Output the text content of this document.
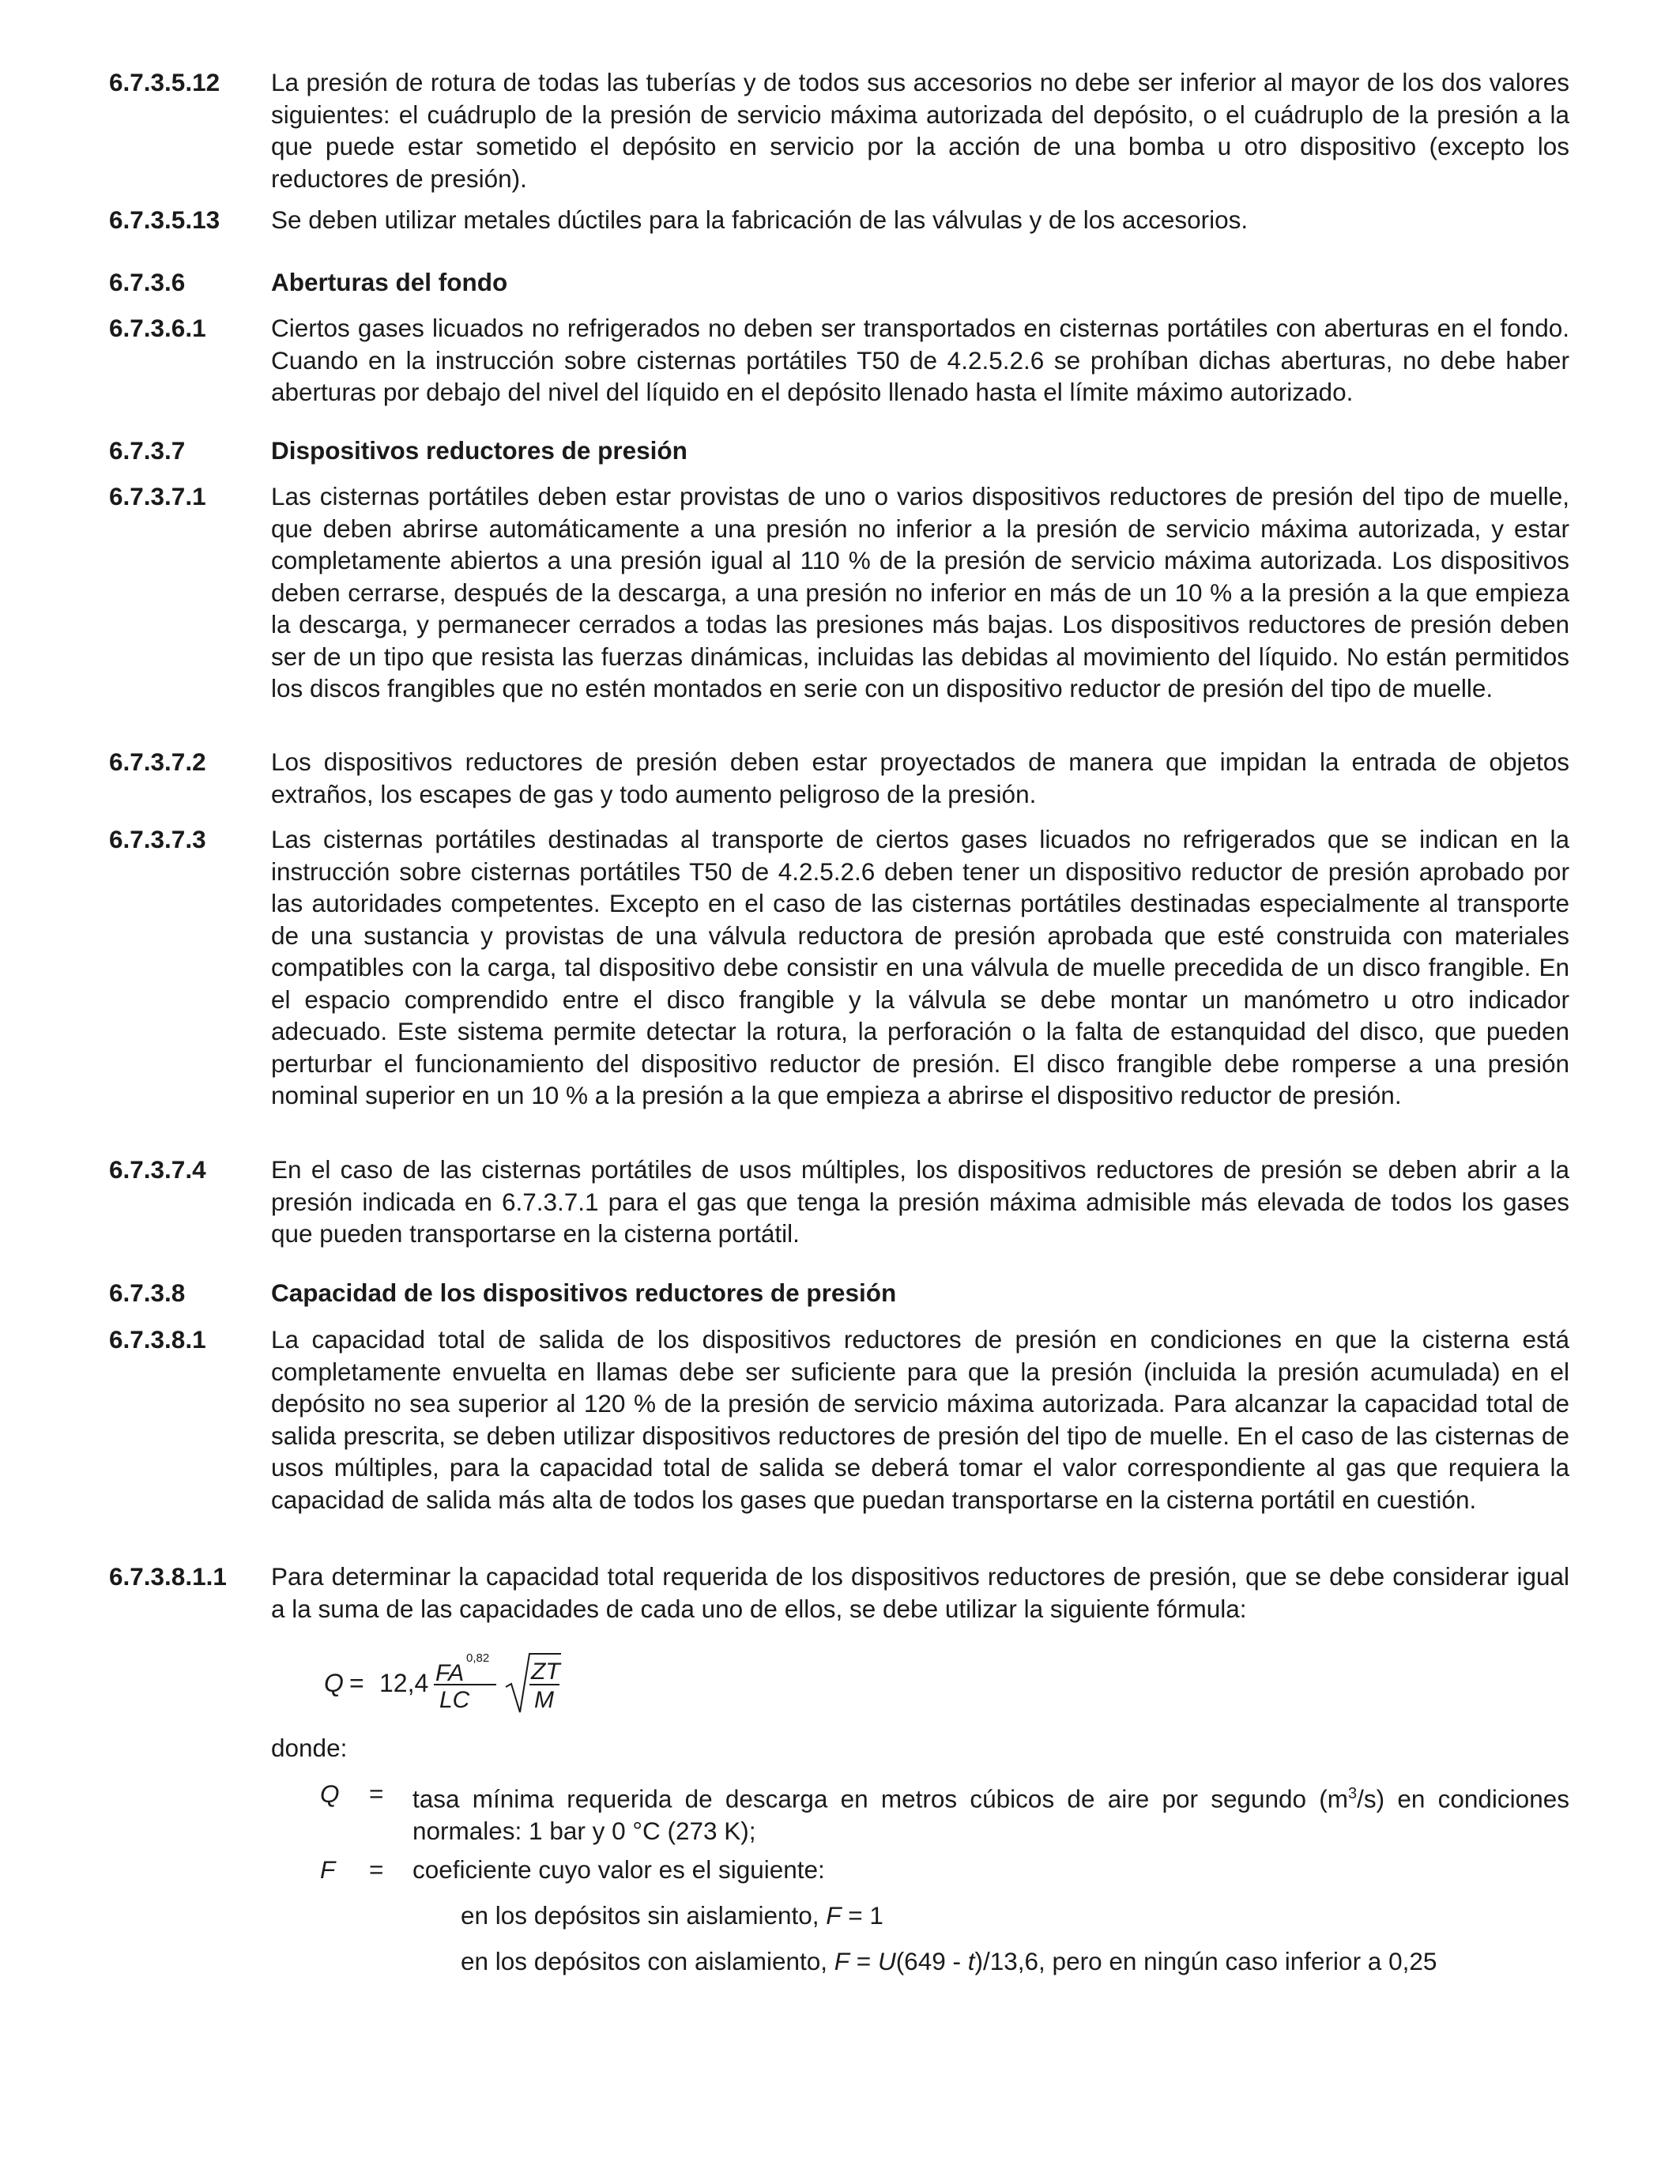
6.7.3.5.12	La presión de rotura de todas las tuberías y de todos sus accesorios no debe ser inferior al mayor de los dos valores siguientes: el cuádruplo de la presión de servicio máxima autorizada del depósito, o el cuádruplo de la presión a la que puede estar sometido el depósito en servicio por la acción de una bomba u otro dispositivo (excepto los reductores de presión).
6.7.3.5.13	Se deben utilizar metales dúctiles para la fabricación de las válvulas y de los accesorios.
6.7.3.6	Aberturas del fondo
6.7.3.6.1	Ciertos gases licuados no refrigerados no deben ser transportados en cisternas portátiles con aberturas en el fondo. Cuando en la instrucción sobre cisternas portátiles T50 de 4.2.5.2.6 se prohíban dichas aberturas, no debe haber aberturas por debajo del nivel del líquido en el depósito llenado hasta el límite máximo autorizado.
6.7.3.7	Dispositivos reductores de presión
6.7.3.7.1	Las cisternas portátiles deben estar provistas de uno o varios dispositivos reductores de presión del tipo de muelle, que deben abrirse automáticamente a una presión no inferior a la presión de servicio máxima autorizada, y estar completamente abiertos a una presión igual al 110 % de la presión de servicio máxima autorizada. Los dispositivos deben cerrarse, después de la descarga, a una presión no inferior en más de un 10 % a la presión a la que empieza la descarga, y permanecer cerrados a todas las presiones más bajas. Los dispositivos reductores de presión deben ser de un tipo que resista las fuerzas dinámicas, incluidas las debidas al movimiento del líquido. No están permitidos los discos frangibles que no estén montados en serie con un dispositivo reductor de presión del tipo de muelle.
6.7.3.7.2	Los dispositivos reductores de presión deben estar proyectados de manera que impidan la entrada de objetos extraños, los escapes de gas y todo aumento peligroso de la presión.
6.7.3.7.3	Las cisternas portátiles destinadas al transporte de ciertos gases licuados no refrigerados que se indican en la instrucción sobre cisternas portátiles T50 de 4.2.5.2.6 deben tener un dispositivo reductor de presión aprobado por las autoridades competentes. Excepto en el caso de las cisternas portátiles destinadas especialmente al transporte de una sustancia y provistas de una válvula reductora de presión aprobada que esté construida con materiales compatibles con la carga, tal dispositivo debe consistir en una válvula de muelle precedida de un disco frangible. En el espacio comprendido entre el disco frangible y la válvula se debe montar un manómetro u otro indicador adecuado. Este sistema permite detectar la rotura, la perforación o la falta de estanquidad del disco, que pueden perturbar el funcionamiento del dispositivo reductor de presión. El disco frangible debe romperse a una presión nominal superior en un 10 % a la presión a la que empieza a abrirse el dispositivo reductor de presión.
6.7.3.7.4	En el caso de las cisternas portátiles de usos múltiples, los dispositivos reductores de presión se deben abrir a la presión indicada en 6.7.3.7.1 para el gas que tenga la presión máxima admisible más elevada de todos los gases que pueden transportarse en la cisterna portátil.
6.7.3.8	Capacidad de los dispositivos reductores de presión
6.7.3.8.1	La capacidad total de salida de los dispositivos reductores de presión en condiciones en que la cisterna está completamente envuelta en llamas debe ser suficiente para que la presión (incluida la presión acumulada) en el depósito no sea superior al 120 % de la presión de servicio máxima autorizada. Para alcanzar la capacidad total de salida prescrita, se deben utilizar dispositivos reductores de presión del tipo de muelle. En el caso de las cisternas de usos múltiples, para la capacidad total de salida se deberá tomar el valor correspondiente al gas que requiera la capacidad de salida más alta de todos los gases que puedan transportarse en la cisterna portátil en cuestión.
6.7.3.8.1.1	Para determinar la capacidad total requerida de los dispositivos reductores de presión, que se debe considerar igual a la suma de las capacidades de cada uno de ellos, se debe utilizar la siguiente fórmula:
Q = 12,4 FA
0,82
LC
ZT
M
donde:
Q = tasa mínima requerida de descarga en metros cúbicos de aire por segundo $(m^3/s)$ en condiciones normales: 1 bar y 0 °C (273 K);
F = coeficiente cuyo valor es el siguiente:
en los depósitos sin aislamiento, F = 1
en los depósitos con aislamiento, F = U(649 - t)/13,6, pero en ningún caso inferior a 0,25
